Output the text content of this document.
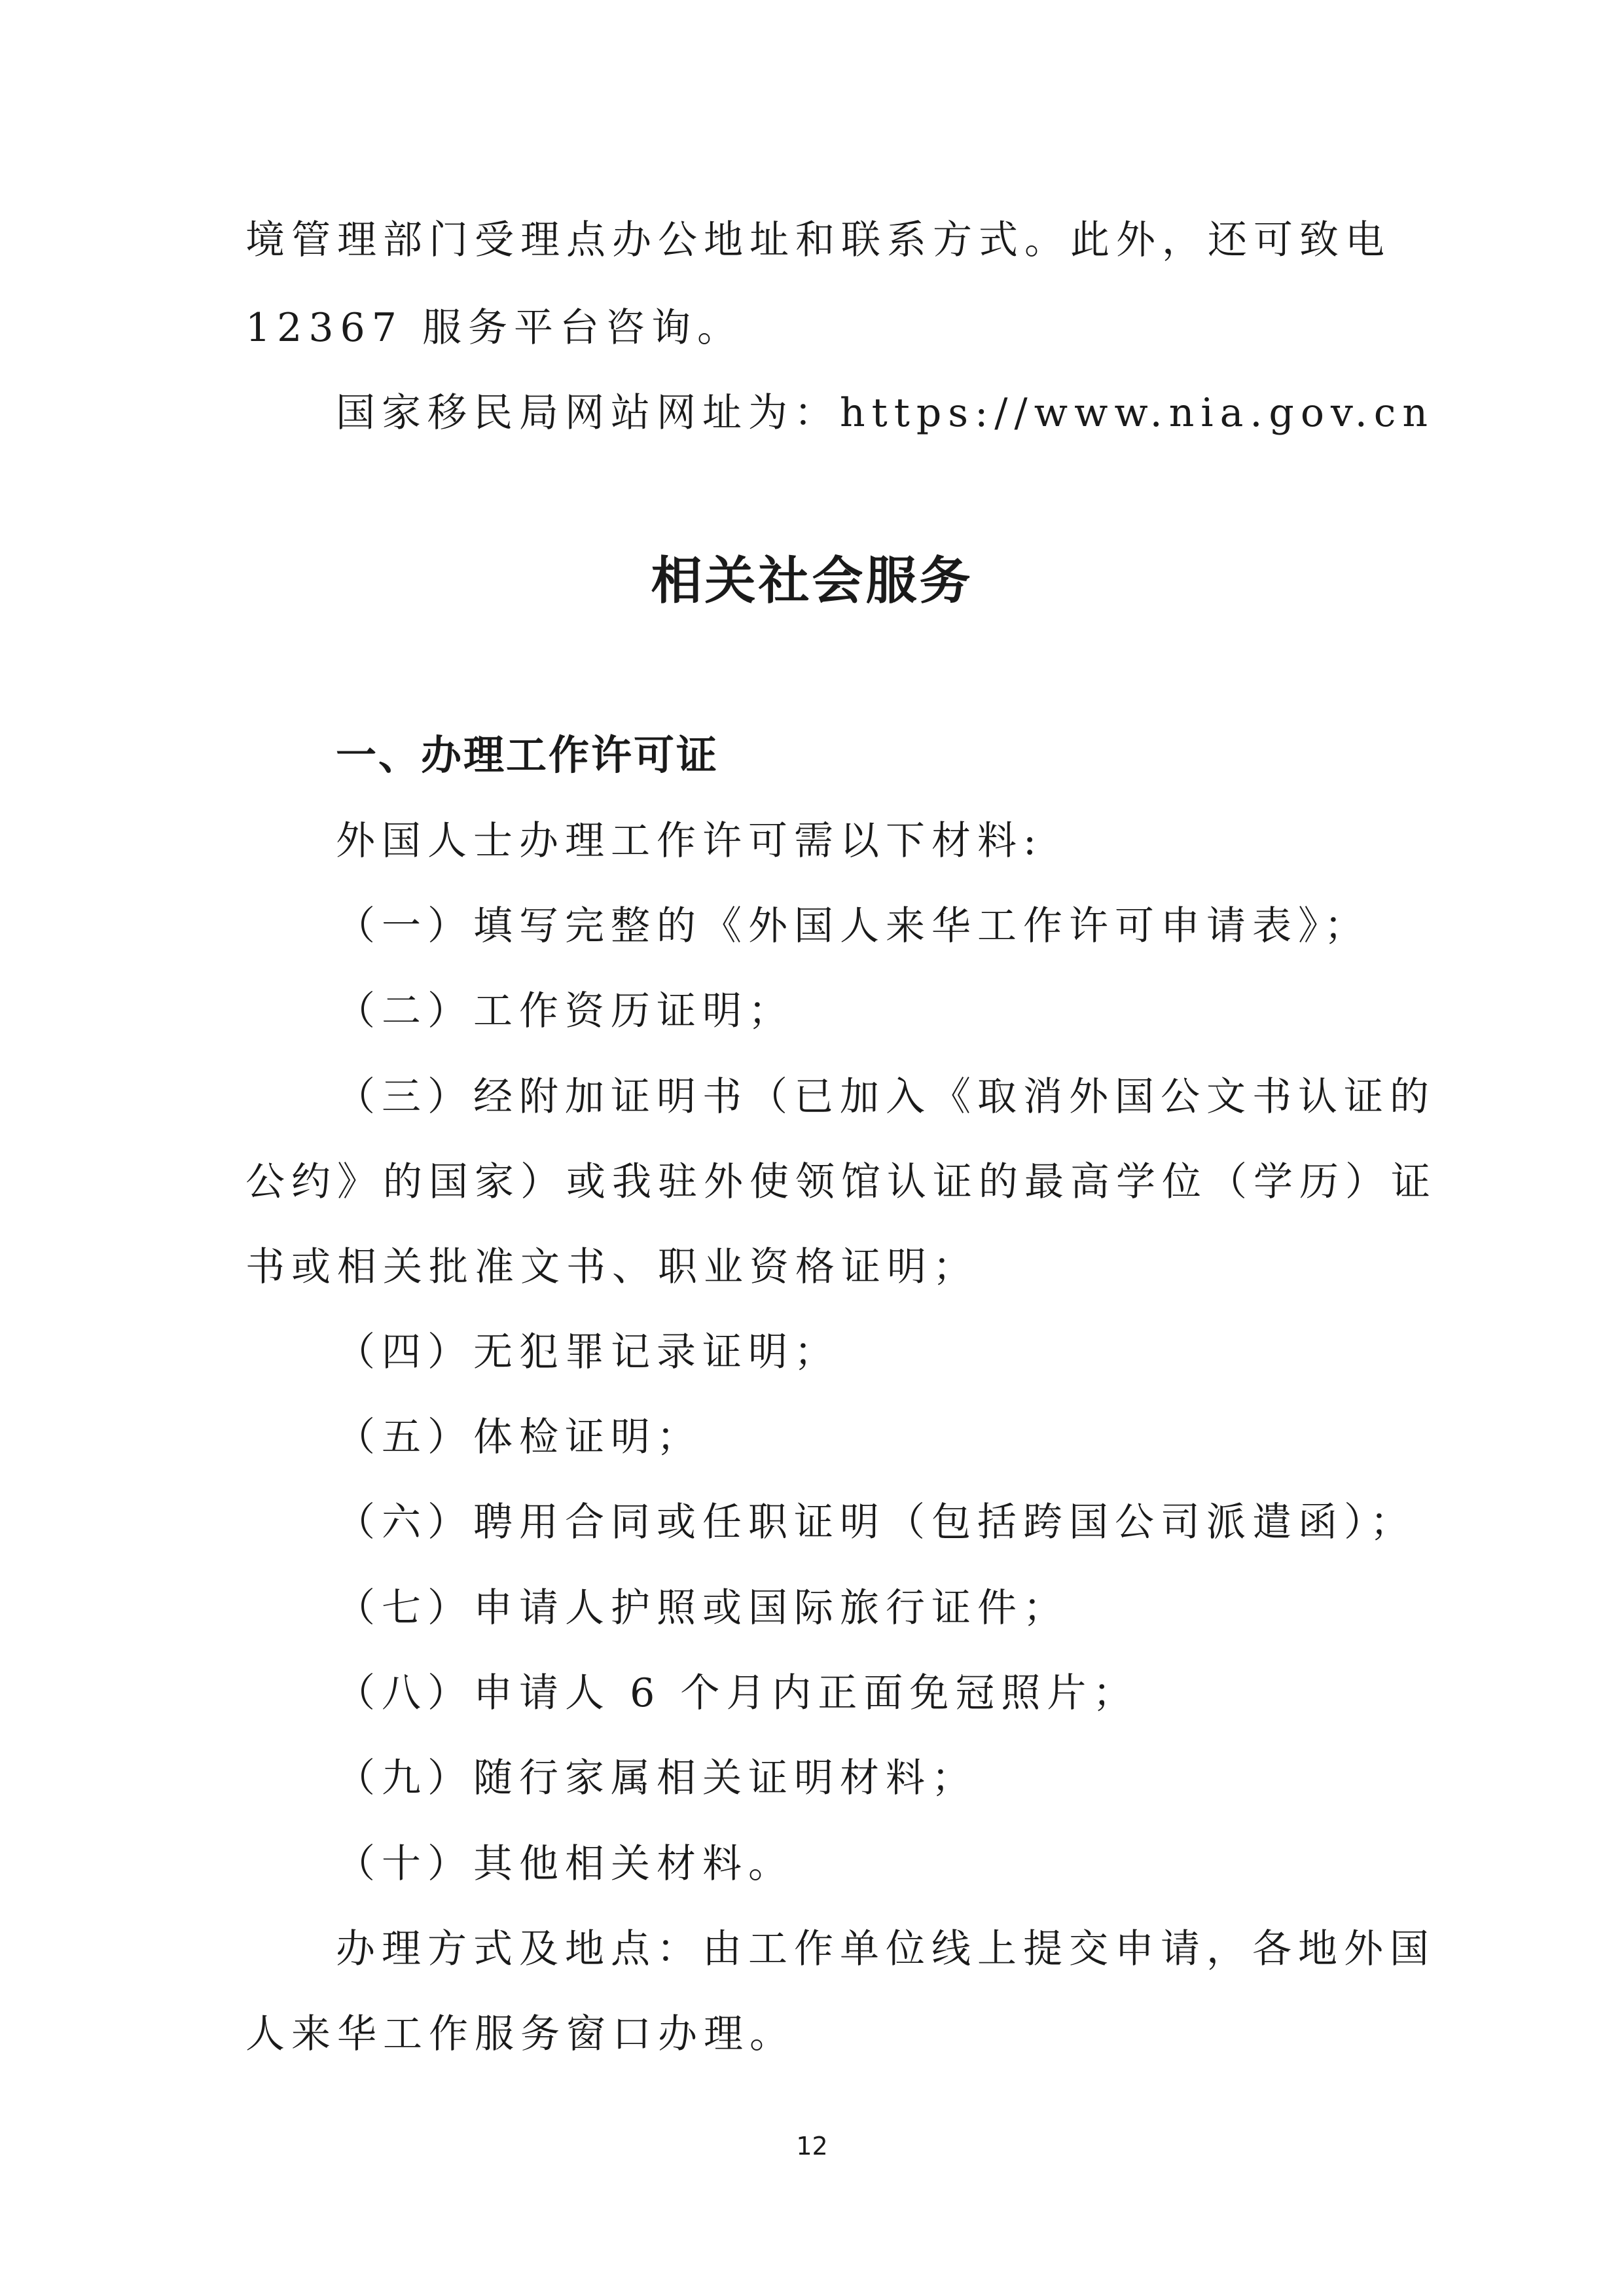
境管理部门受理点办公地址和联系方式。此外，还可致电
12367 服务平台咨询。
国家移民局网站网址为：https://www.nia.gov.cn
相关社会服务
一、办理工作许可证
外国人士办理工作许可需以下材料:
（一）填写完整的《外国人来华工作许可申请表》；
（二）工作资历证明；
（三）经附加证明书（已加入《取消外国公文书认证的
公约》的国家）或我驻外使领馆认证的最高学位（学历）证
书或相关批准文书、职业资格证明；
（四）无犯罪记录证明；
（五）体检证明；
（六）聘用合同或任职证明（包括跨国公司派遣函）；
（七）申请人护照或国际旅行证件；
（八）申请人 6 个月内正面免冠照片；
（九）随行家属相关证明材料；
（十）其他相关材料。
办理方式及地点：由工作单位线上提交申请，各地外国
人来华工作服务窗口办理。
12
